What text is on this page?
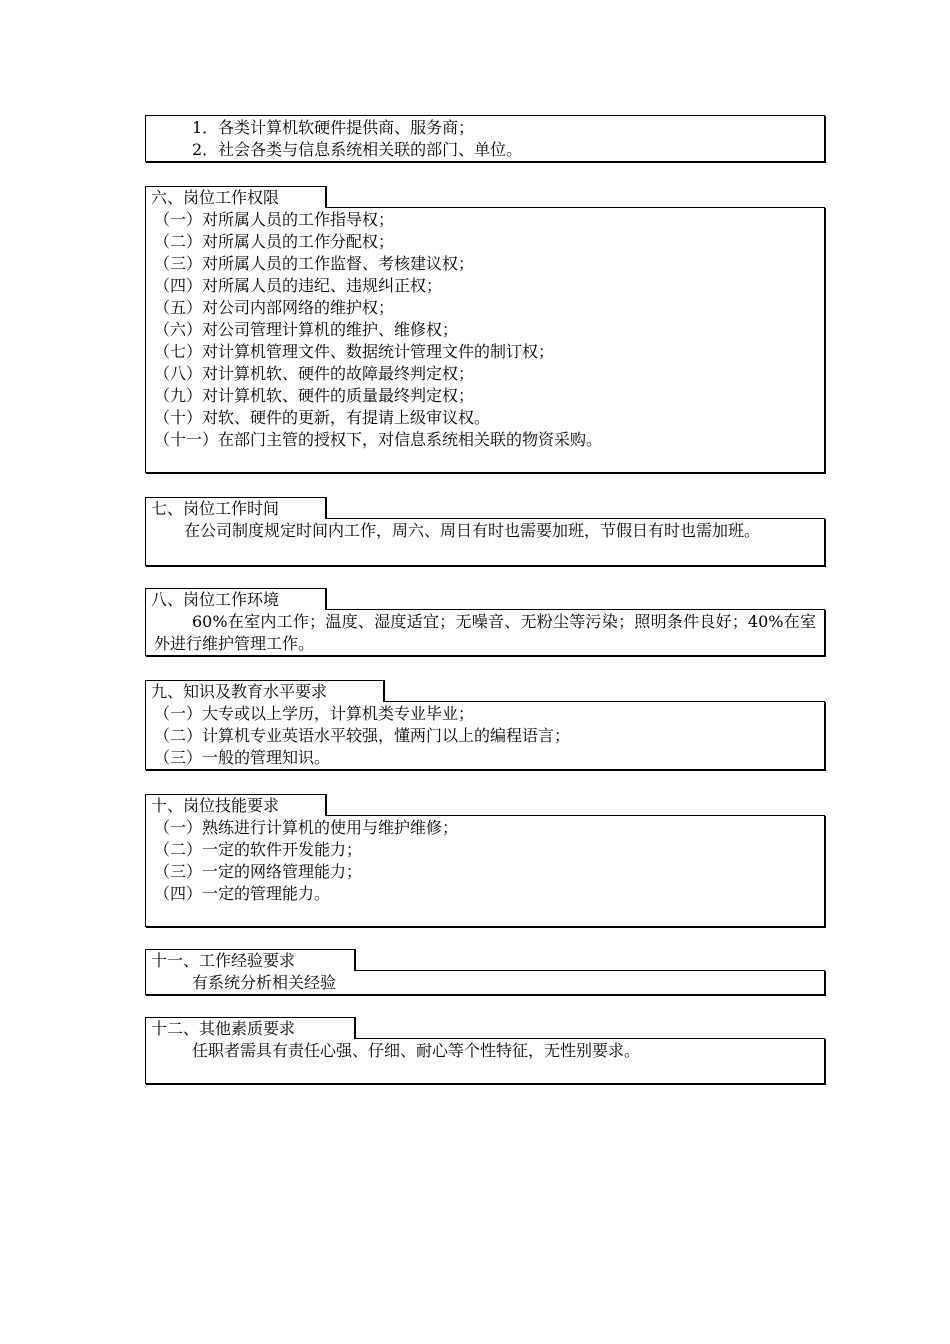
1．各类计算机软硬件提供商、服务商；
2．社会各类与信息系统相关联的部门、单位。
六、岗位工作权限
（一）对所属人员的工作指导权；
（二）对所属人员的工作分配权；
（三）对所属人员的工作监督、考核建议权；
（四）对所属人员的违纪、违规纠正权；
（五）对公司内部网络的维护权；
（六）对公司管理计算机的维护、维修权；
（七）对计算机管理文件、数据统计管理文件的制订权；
（八）对计算机软、硬件的故障最终判定权；
（九）对计算机软、硬件的质量最终判定权；
（十）对软、硬件的更新，有提请上级审议权。
（十一）在部门主管的授权下，对信息系统相关联的物资采购。
七、岗位工作时间
在公司制度规定时间内工作，周六、周日有时也需要加班，节假日有时也需加班。
八、岗位工作环境
60%在室内工作；温度、湿度适宜；无噪音、无粉尘等污染；照明条件良好；40%在室外进行维护管理工作。
九、知识及教育水平要求
（一）大专或以上学历，计算机类专业毕业；
（二）计算机专业英语水平较强，懂两门以上的编程语言；
（三）一般的管理知识。
十、岗位技能要求
（一）熟练进行计算机的使用与维护维修；
（二）一定的软件开发能力；
（三）一定的网络管理能力；
（四）一定的管理能力。
十一、工作经验要求
有系统分析相关经验
十二、其他素质要求
任职者需具有责任心强、仔细、耐心等个性特征，无性别要求。
